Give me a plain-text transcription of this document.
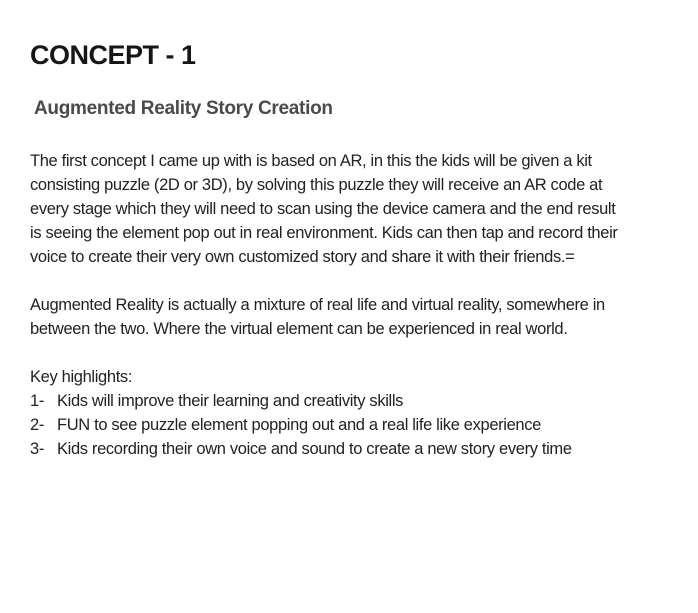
CONCEPT - 1
Augmented Reality Story Creation

The first concept I came up with is based on AR, in this the kids will be given a kit consisting puzzle (2D or 3D), by solving this puzzle they will receive an AR code at every stage which they will need to scan using the device camera and the end result is seeing the element pop out in real environment. Kids can then tap and record their voice to create their very own customized story and share it with their friends.=

Augmented Reality is actually a mixture of real life and virtual reality, somewhere in between the two. Where the virtual element can be experienced in real world.

Key highlights:

1- Kids will improve their learning and creativity skills
2- FUN to see puzzle element popping out and a real life like experience
3- Kids recording their own voice and sound to create a new story every time
